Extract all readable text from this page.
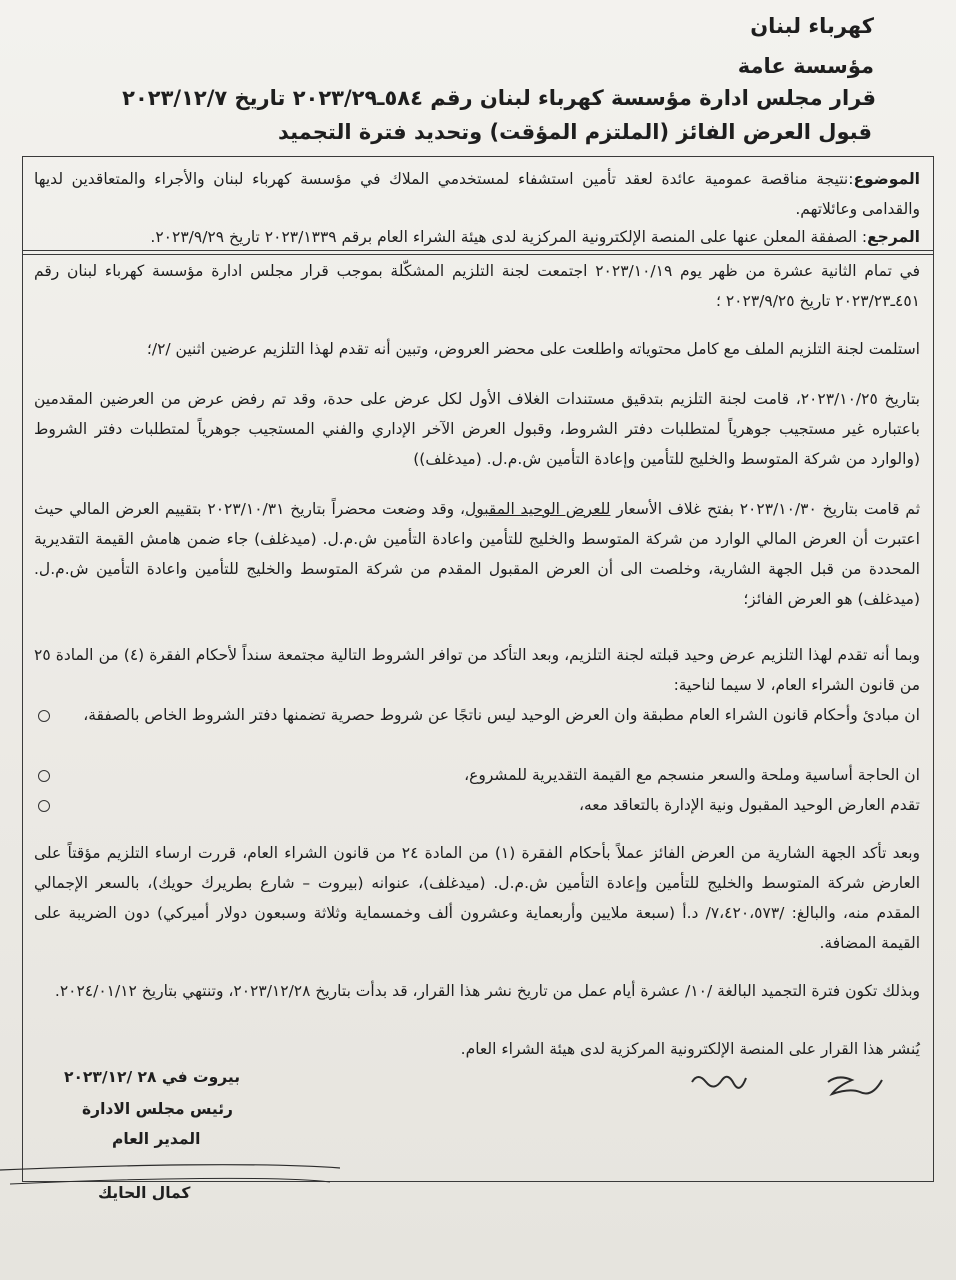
كهرباء لبنان
مؤسسة عامة
قرار مجلس ادارة مؤسسة كهرباء لبنان رقم ٥٨٤ـ٢٠٢٣/٢٩ تاريخ ٢٠٢٣/١٢/٧
قبول العرض الفائز (الملتزم المؤقت) وتحديد فترة التجميد
الموضوع:نتيجة مناقصة عمومية عائدة لعقد تأمين استشفاء لمستخدمي الملاك في مؤسسة كهرباء لبنان والأجراء والمتعاقدين لديها والقدامى وعائلاتهم.
المرجع: الصفقة المعلن عنها على المنصة الإلكترونية المركزية لدى هيئة الشراء العام برقم ٢٠٢٣/١٣٣٩ تاريخ ٢٠٢٣/٩/٢٩.
في تمام الثانية عشرة من ظهر يوم ٢٠٢٣/١٠/١٩ اجتمعت لجنة التلزيم المشكّلة بموجب قرار مجلس ادارة مؤسسة كهرباء لبنان رقم ٤٥١ـ٢٠٢٣/٢٣ تاريخ ٢٠٢٣/٩/٢٥ ؛
استلمت لجنة التلزيم الملف مع كامل محتوياته واطلعت على محضر العروض، وتبين أنه تقدم لهذا التلزيم عرضين اثنين /٢/؛
بتاريخ ٢٠٢٣/١٠/٢٥، قامت لجنة التلزيم بتدقيق مستندات الغلاف الأول لكل عرض على حدة، وقد تم رفض عرض من العرضين المقدمين باعتباره غير مستجيب جوهرياً لمتطلبات دفتر الشروط، وقبول العرض الآخر الإداري والفني المستجيب جوهرياً لمتطلبات دفتر الشروط (والوارد من شركة المتوسط والخليج للتأمين وإعادة التأمين ش.م.ل. (ميدغلف))
ثم قامت بتاريخ ٢٠٢٣/١٠/٣٠ بفتح غلاف الأسعار للعرض الوحيد المقبول، وقد وضعت محضراً بتاريخ ٢٠٢٣/١٠/٣١ بتقييم العرض المالي حيث اعتبرت أن العرض المالي الوارد من شركة المتوسط والخليج للتأمين واعادة التأمين ش.م.ل. (ميدغلف) جاء ضمن هامش القيمة التقديرية المحددة من قبل الجهة الشارية، وخلصت الى أن العرض المقبول المقدم من شركة المتوسط والخليج للتأمين واعادة التأمين ش.م.ل. (ميدغلف) هو العرض الفائز؛
وبما أنه تقدم لهذا التلزيم عرض وحيد قبلته لجنة التلزيم، وبعد التأكد من توافر الشروط التالية مجتمعة سنداً لأحكام الفقرة (٤) من المادة ٢٥ من قانون الشراء العام، لا سيما لناحية:
ان مبادئ وأحكام قانون الشراء العام مطبقة وان العرض الوحيد ليس ناتجًا عن شروط حصرية تضمنها دفتر الشروط الخاص بالصفقة،
ان الحاجة أساسية وملحة والسعر منسجم مع القيمة التقديرية للمشروع،
تقدم العارض الوحيد المقبول ونية الإدارة بالتعاقد معه،
وبعد تأكد الجهة الشارية من العرض الفائز عملاً بأحكام الفقرة (١) من المادة ٢٤ من قانون الشراء العام، قررت ارساء التلزيم مؤقتاً على العارض شركة المتوسط والخليج للتأمين وإعادة التأمين ش.م.ل. (ميدغلف)، عنوانه (بيروت – شارع بطريرك حويك)، بالسعر الإجمالي المقدم منه، والبالغ: /٧،٤٢٠،٥٧٣/ د.أ (سبعة ملايين وأربعماية وعشرون ألف وخمسماية وثلاثة وسبعون دولار أميركي) دون الضريبة على القيمة المضافة.
وبذلك تكون فترة التجميد البالغة /١٠/ عشرة أيام عمل من تاريخ نشر هذا القرار، قد بدأت بتاريخ ٢٠٢٣/١٢/٢٨، وتنتهي بتاريخ ٢٠٢٤/٠١/١٢.
يُنشر هذا القرار على المنصة الإلكترونية المركزية لدى هيئة الشراء العام.
بيروت في ٢٨ /٢٠٢٣/١٢
رئيس مجلس الادارة
المدير العام
كمال الحايك
